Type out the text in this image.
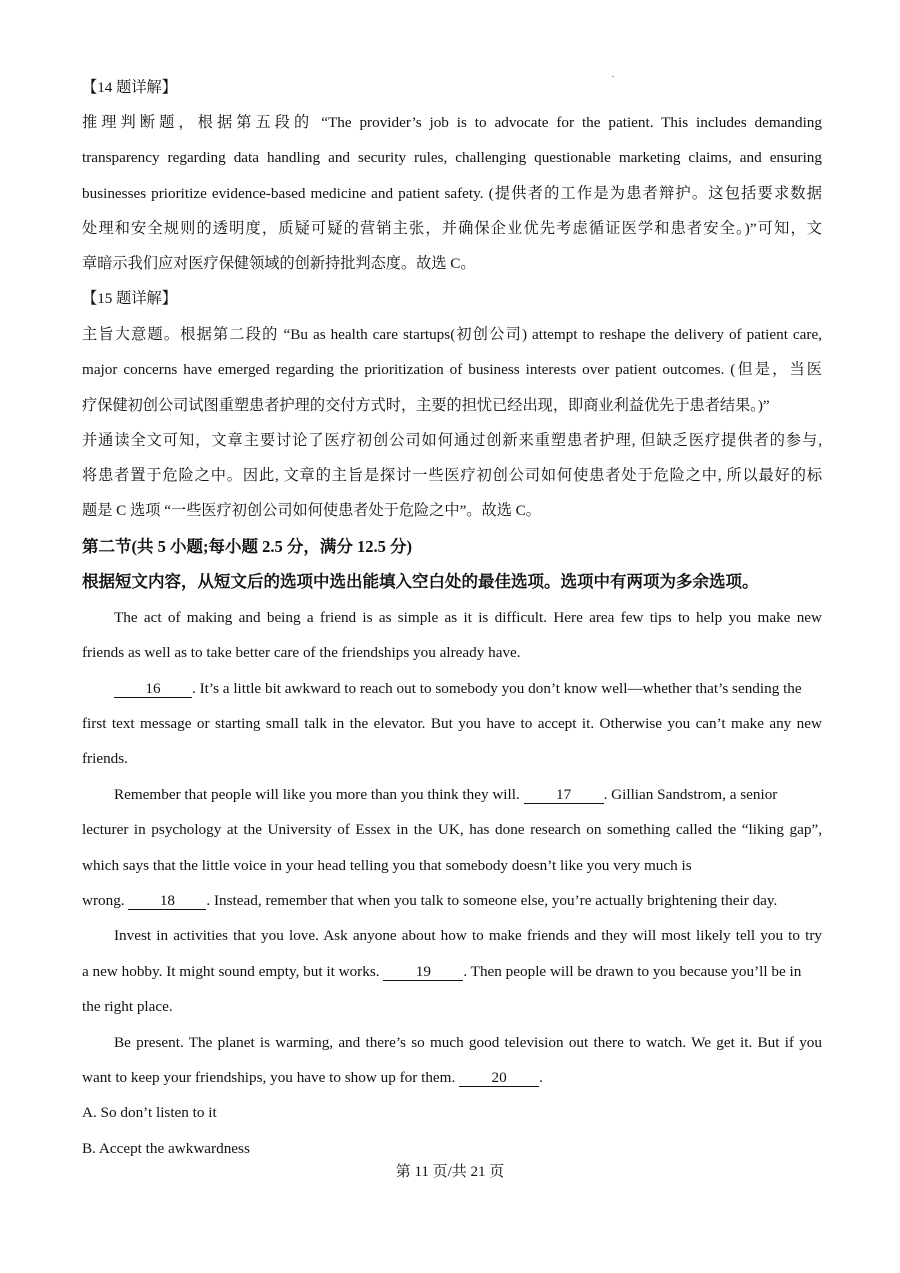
【14 题详解】
推理判断题，根据第五段的 “The provider’s job is to advocate for the patient. This includes demanding
transparency regarding data handling and security rules, challenging questionable marketing claims, and ensuring
businesses prioritize evidence-based medicine and patient safety. (提供者的工作是为患者辩护。这包括要求数据
处理和安全规则的透明度，质疑可疑的营销主张，并确保企业优先考虑循证医学和患者安全。)”可知，文
章暗示我们应对医疗保健领域的创新持批判态度。故选 C。
【15 题详解】
主旨大意题。根据第二段的 “Bu as health care startups(初创公司) attempt to reshape the delivery of patient care,
major concerns have emerged regarding the prioritization of business interests over patient outcomes. (但是，当医
疗保健初创公司试图重塑患者护理的交付方式时，主要的担忧已经出现，即商业利益优先于患者结果。)”
并通读全文可知，文章主要讨论了医疗初创公司如何通过创新来重塑患者护理, 但缺乏医疗提供者的参与,
将患者置于危险之中。因此, 文章的主旨是探讨一些医疗初创公司如何使患者处于危险之中, 所以最好的标
题是 C 选项 “一些医疗初创公司如何使患者处于危险之中”。故选 C。
第二节(共 5 小题;每小题 2.5 分，满分 12.5 分)
根据短文内容，从短文后的选项中选出能填入空白处的最佳选项。选项中有两项为多余选项。
The act of making and being a friend is as simple as it is difficult. Here area few tips to help you make new
friends as well as to take better care of the friendships you already have.
16 . It’s a little bit awkward to reach out to somebody you don’t know well—whether that’s sending the
first text message or starting small talk in the elevator. But you have to accept it. Otherwise you can’t make any new
friends.
Remember that people will like you more than you think they will. 17 . Gillian Sandstrom, a senior
lecturer in psychology at the University of Essex in the UK, has done research on something called the “liking gap”,
which says that the little voice in your head telling you that somebody doesn’t like you very much is
wrong. 18 . Instead, remember that when you talk to someone else, you’re actually brightening their day.
Invest in activities that you love. Ask anyone about how to make friends and they will most likely tell you to try
a new hobby. It might sound empty, but it works. 19 . Then people will be drawn to you because you’ll be in
the right place.
Be present. The planet is warming, and there’s so much good television out there to watch. We get it. But if you
want to keep your friendships, you have to show up for them. 20 .
A. So don’t listen to it
B. Accept the awkwardness
第 11 页/共 21 页
